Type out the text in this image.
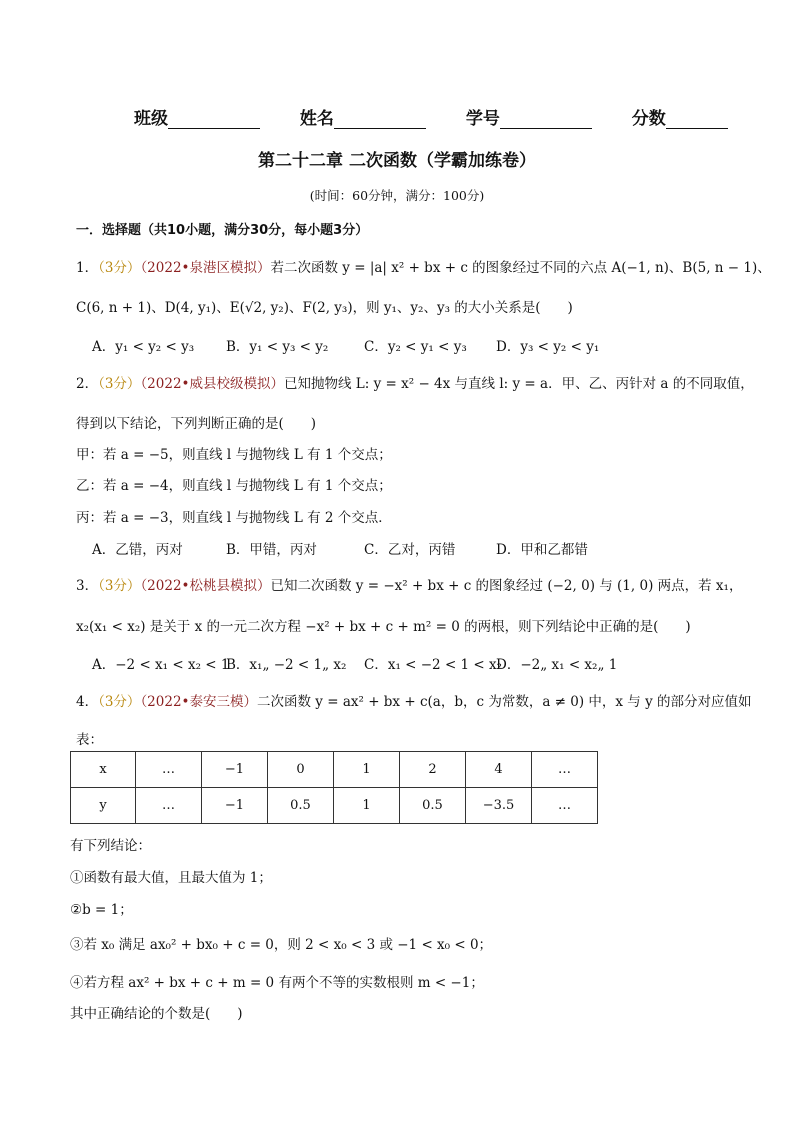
班级	姓名	学号	分数
第二十二章 二次函数（学霸加练卷）
(时间：60分钟，满分：100分)
一．选择题（共10小题，满分30分，每小题3分）
1．（3分）（2022•泉港区模拟）若二次函数 y = |a| x² + bx + c 的图象经过不同的六点 A(−1, n)、B(5, n − 1)、
C(6, n + 1)、D(4, y₁)、E(√2, y₂)、F(2, y₃)，则 y₁、y₂、y₃ 的大小关系是(　　)
A．y₁ < y₂ < y₃ B．y₁ < y₃ < y₂	C．y₂ < y₁ < y₃ D．y₃ < y₂ < y₁
2．（3分）（2022•威县校级模拟）已知抛物线 L: y = x² − 4x 与直线 l: y = a．甲、乙、丙针对 a 的不同取值，
得到以下结论，下列判断正确的是(　　)
甲：若 a = −5，则直线 l 与抛物线 L 有 1 个交点；
乙：若 a = −4，则直线 l 与抛物线 L 有 1 个交点；
丙：若 a = −3，则直线 l 与抛物线 L 有 2 个交点．
A．乙错，丙对	B．甲错，丙对	C．乙对，丙错	D．甲和乙都错
3．（3分）（2022•松桃县模拟）已知二次函数 y = −x² + bx + c 的图象经过 (−2, 0) 与 (1, 0) 两点，若 x₁，
x₂(x₁ < x₂) 是关于 x 的一元二次方程 −x² + bx + c + m² = 0 的两根，则下列结论中正确的是(　　)
A．−2 < x₁ < x₂ < 1
B．x₁„ −2 < 1„ x₂ C．x₁ < −2 < 1 < x₂
D．−2„ x₁ < x₂„ 1
4．（3分）（2022•泰安三模）二次函数 y = ax² + bx + c(a，b，c 为常数，a ≠ 0) 中，x 与 y 的部分对应值如
表：
x	…	−1	0	1	2	4	…
y	…	−1	0.5	1	0.5	−3.5	…
有下列结论：
①函数有最大值，且最大值为 1；
②b = 1；
③若 x₀ 满足 ax₀² + bx₀ + c = 0，则 2 < x₀ < 3 或 −1 < x₀ < 0；
④若方程 ax² + bx + c + m = 0 有两个不等的实数根则 m < −1；
其中正确结论的个数是(　　)
